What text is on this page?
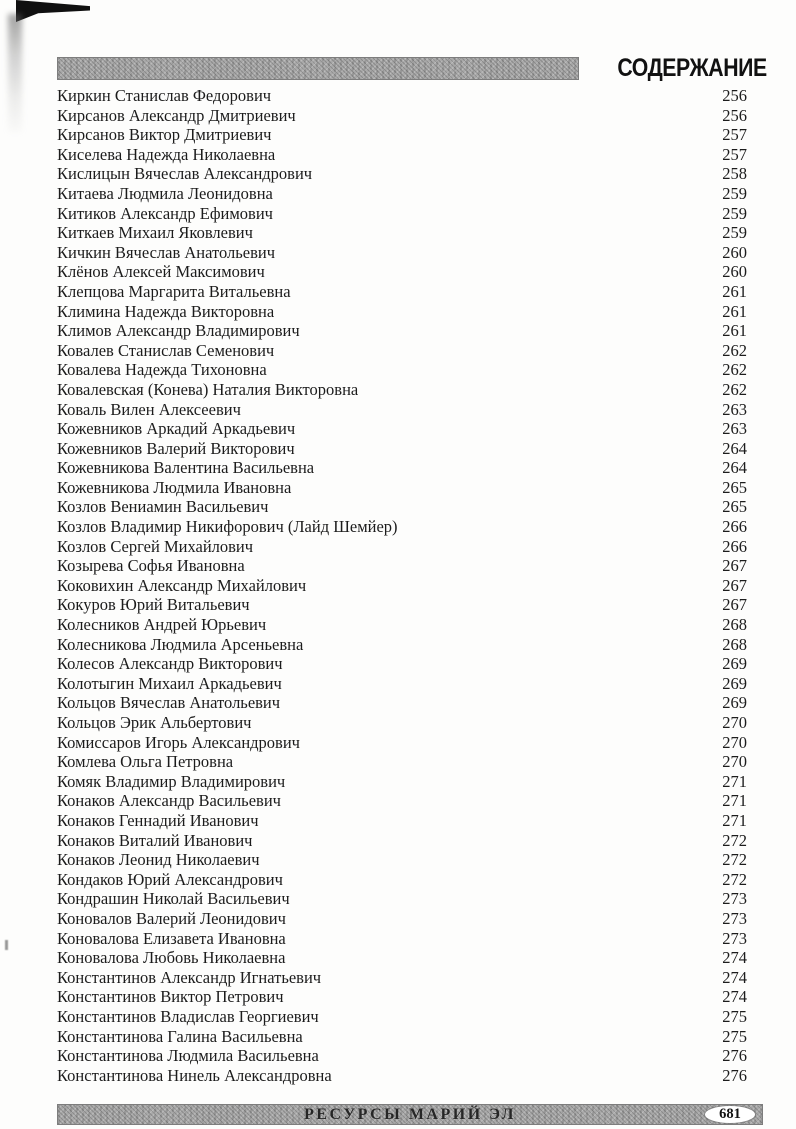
СОДЕРЖАНИЕ
Киркин Станислав Федорович	256
Кирсанов Александр Дмитриевич	256
Кирсанов Виктор Дмитриевич	257
Киселева Надежда Николаевна	257
Кислицын Вячеслав Александрович	258
Китаева Людмила Леонидовна	259
Китиков Александр Ефимович	259
Киткаев Михаил Яковлевич	259
Кичкин Вячеслав Анатольевич	260
Клёнов Алексей Максимович	260
Клепцова Маргарита Витальевна	261
Климина Надежда Викторовна	261
Климов Александр Владимирович	261
Ковалев Станислав Семенович	262
Ковалева Надежда Тихоновна	262
Ковалевская (Конева) Наталия Викторовна	262
Коваль Вилен Алексеевич	263
Кожевников Аркадий Аркадьевич	263
Кожевников Валерий Викторович	264
Кожевникова Валентина Васильевна	264
Кожевникова Людмила Ивановна	265
Козлов Вениамин Васильевич	265
Козлов Владимир Никифорович (Лайд Шемйер)	266
Козлов Сергей Михайлович	266
Козырева Софья Ивановна	267
Коковихин Александр Михайлович	267
Кокуров Юрий Витальевич	267
Колесников Андрей Юрьевич	268
Колесникова Людмила Арсеньевна	268
Колесов Александр Викторович	269
Колотыгин Михаил Аркадьевич	269
Кольцов Вячеслав Анатольевич	269
Кольцов Эрик Альбертович	270
Комиссаров Игорь Александрович	270
Комлева Ольга Петровна	270
Комяк Владимир Владимирович	271
Конаков Александр Васильевич	271
Конаков Геннадий Иванович	271
Конаков Виталий Иванович	272
Конаков Леонид Николаевич	272
Кондаков Юрий Александрович	272
Кондрашин Николай Васильевич	273
Коновалов Валерий Леонидович	273
Коновалова Елизавета Ивановна	273
Коновалова Любовь Николаевна	274
Константинов Александр Игнатьевич	274
Константинов Виктор Петрович	274
Константинов Владислав Георгиевич	275
Константинова Галина Васильевна	275
Константинова Людмила Васильевна	276
Константинова Нинель Александровна	276
РЕСУРСЫ МАРИЙ ЭЛ	681
